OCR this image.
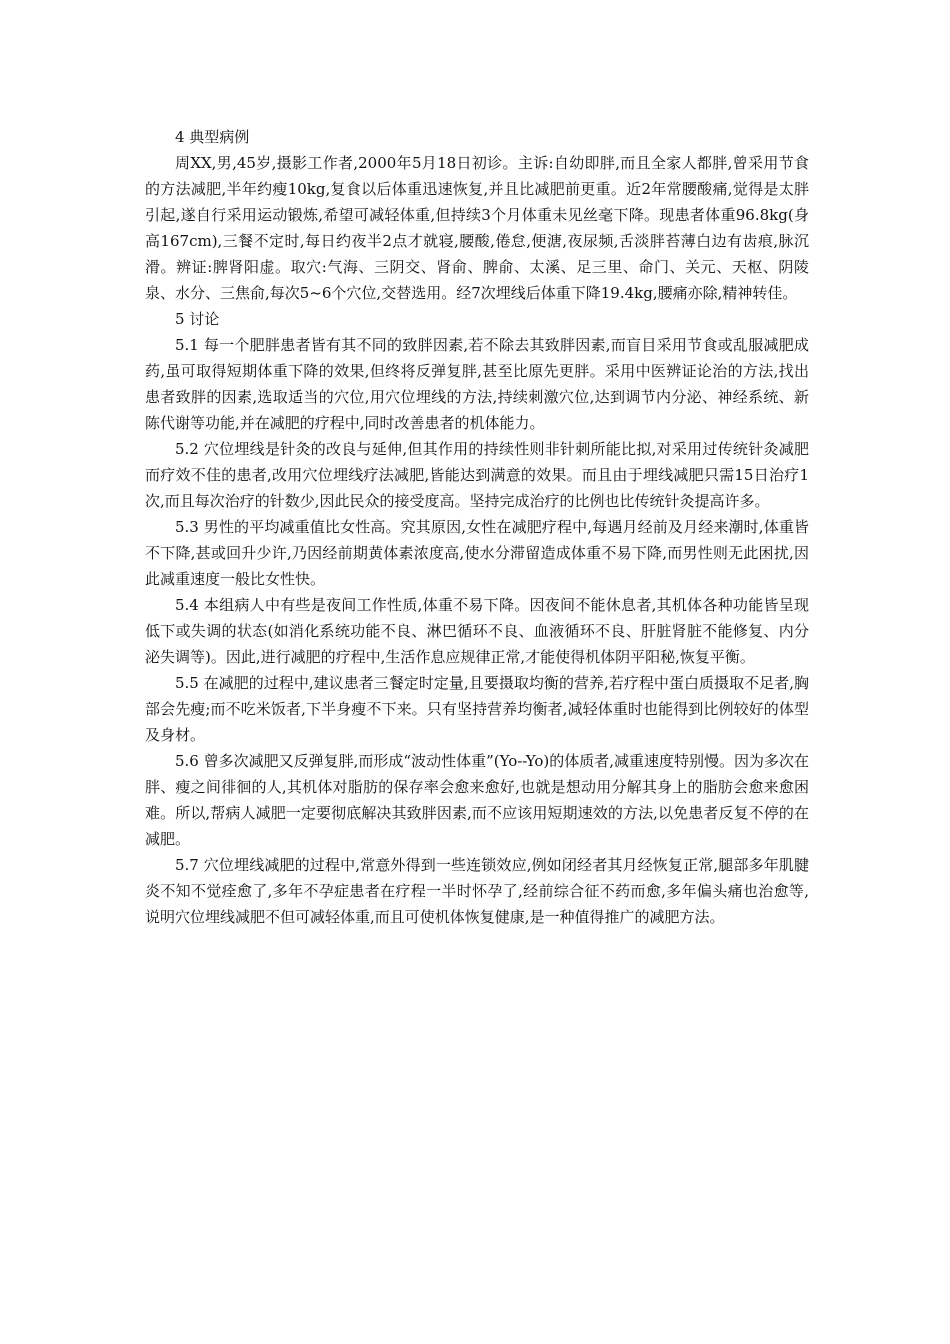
4 典型病例

周XX,男,45岁,摄影工作者,2000年5月18日初诊。主诉:自幼即胖,而且全家人都胖,曾采用节食的方法减肥,半年约瘦10kg,复食以后体重迅速恢复,并且比减肥前更重。近2年常腰酸痛,觉得是太胖引起,遂自行采用运动锻炼,希望可减轻体重,但持续3个月体重未见丝毫下降。现患者体重96.8kg(身高167cm),三餐不定时,每日约夜半2点才就寝,腰酸,倦怠,便溏,夜尿频,舌淡胖苔薄白边有齿痕,脉沉滑。辨证:脾肾阳虚。取穴:气海、三阴交、肾俞、脾俞、太溪、足三里、命门、关元、天枢、阴陵泉、水分、三焦俞,每次5~6个穴位,交替选用。经7次埋线后体重下降19.4kg,腰痛亦除,精神转佳。

5 讨论

5.1 每一个肥胖患者皆有其不同的致胖因素,若不除去其致胖因素,而盲目采用节食或乱服减肥成药,虽可取得短期体重下降的效果,但终将反弹复胖,甚至比原先更胖。采用中医辨证论治的方法,找出患者致胖的因素,选取适当的穴位,用穴位埋线的方法,持续刺激穴位,达到调节内分泌、神经系统、新陈代谢等功能,并在减肥的疗程中,同时改善患者的机体能力。

5.2 穴位埋线是针灸的改良与延伸,但其作用的持续性则非针刺所能比拟,对采用过传统针灸减肥而疗效不佳的患者,改用穴位埋线疗法减肥,皆能达到满意的效果。而且由于埋线减肥只需15日治疗1次,而且每次治疗的针数少,因此民众的接受度高。坚持完成治疗的比例也比传统针灸提高许多。

5.3 男性的平均减重值比女性高。究其原因,女性在减肥疗程中,每遇月经前及月经来潮时,体重皆不下降,甚或回升少许,乃因经前期黄体素浓度高,使水分滞留造成体重不易下降,而男性则无此困扰,因此减重速度一般比女性快。

5.4 本组病人中有些是夜间工作性质,体重不易下降。因夜间不能休息者,其机体各种功能皆呈现低下或失调的状态(如消化系统功能不良、淋巴循环不良、血液循环不良、肝脏肾脏不能修复、内分泌失调等)。因此,进行减肥的疗程中,生活作息应规律正常,才能使得机体阴平阳秘,恢复平衡。

5.5 在减肥的过程中,建议患者三餐定时定量,且要摄取均衡的营养,若疗程中蛋白质摄取不足者,胸部会先瘦;而不吃米饭者,下半身瘦不下来。只有坚持营养均衡者,减轻体重时也能得到比例较好的体型及身材。

5.6 曾多次减肥又反弹复胖,而形成“波动性体重”(Yo--Yo)的体质者,减重速度特别慢。因为多次在胖、瘦之间徘徊的人,其机体对脂肪的保存率会愈来愈好,也就是想动用分解其身上的脂肪会愈来愈困难。所以,帮病人减肥一定要彻底解决其致胖因素,而不应该用短期速效的方法,以免患者反复不停的在减肥。

5.7 穴位埋线减肥的过程中,常意外得到一些连锁效应,例如闭经者其月经恢复正常,腿部多年肌腱炎不知不觉痊愈了,多年不孕症患者在疗程一半时怀孕了,经前综合征不药而愈,多年偏头痛也治愈等,说明穴位埋线减肥不但可减轻体重,而且可使机体恢复健康,是一种值得推广的减肥方法。
